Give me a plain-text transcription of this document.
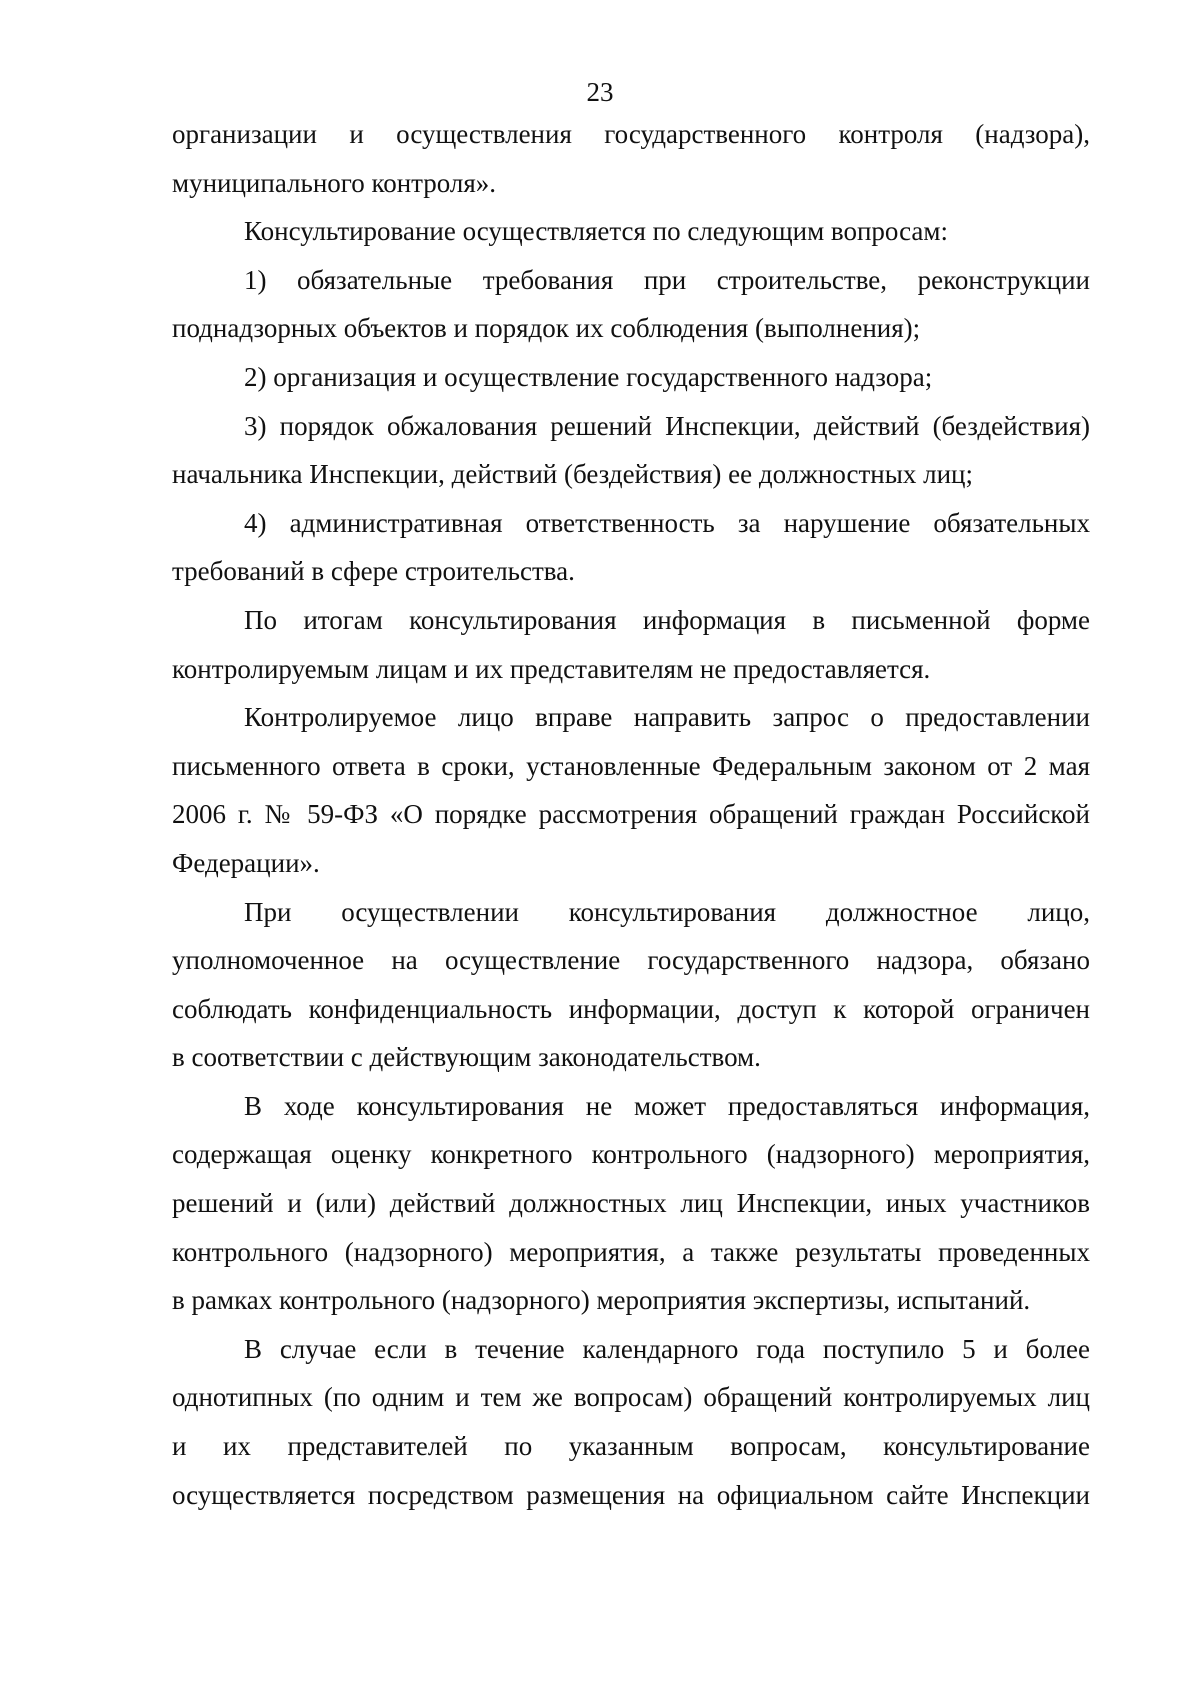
23
организации и осуществления государственного контроля (надзора),
муниципального контроля».
Консультирование осуществляется по следующим вопросам:
1) обязательные требования при строительстве, реконструкции
поднадзорных объектов и порядок их соблюдения (выполнения);
2) организация и осуществление государственного надзора;
3) порядок обжалования решений Инспекции, действий (бездействия)
начальника Инспекции, действий (бездействия) ее должностных лиц;
4) административная ответственность за нарушение обязательных
требований в сфере строительства.
По итогам консультирования информация в письменной форме
контролируемым лицам и их представителям не предоставляется.
Контролируемое лицо вправе направить запрос о предоставлении
письменного ответа в сроки, установленные Федеральным законом от 2 мая
2006 г. № 59-ФЗ «О порядке рассмотрения обращений граждан Российской
Федерации».
При осуществлении консультирования должностное лицо,
уполномоченное на осуществление государственного надзора, обязано
соблюдать конфиденциальность информации, доступ к которой ограничен
в соответствии с действующим законодательством.
В ходе консультирования не может предоставляться информация,
содержащая оценку конкретного контрольного (надзорного) мероприятия,
решений и (или) действий должностных лиц Инспекции, иных участников
контрольного (надзорного) мероприятия, а также результаты проведенных
в рамках контрольного (надзорного) мероприятия экспертизы, испытаний.
В случае если в течение календарного года поступило 5 и более
однотипных (по одним и тем же вопросам) обращений контролируемых лиц
и их представителей по указанным вопросам, консультирование
осуществляется посредством размещения на официальном сайте Инспекции
